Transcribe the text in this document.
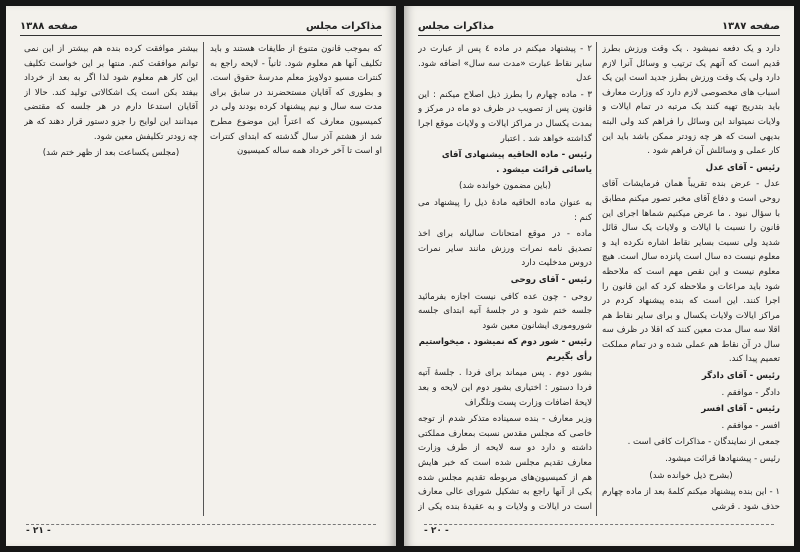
مذاکرات مجلس
صفحه ۱۳۸۸

که بموجب قانون متنوع از طایفات هستند و باید تکلیف آنها هم معلوم شود. ثانیاً - لایحه راجع به کنترات مسیو دولاویژ معلم مدرسهٔ حقوق است. و بطوری که آقایان مستحضرند در سابق برای مدت سه سال و نیم پیشنهاد کرده بودند ولی در کمیسیون معارف که اعتراً این موضوع مطرح شد از هشتم آذر سال گذشته که ابتدای کنترات او است تا آخر خرداد همه ساله کمیسیون

بیشتر موافقت کرده بنده هم بیشتر از این نمی توانم موافقت کنم. منتها بر این خواست تکلیف این کار هم معلوم شود لذا اگر به بعد از خرداد بیفتد بکن است یک اشکالاتی تولید کند. حالا از آقایان استدعا دارم در هر جلسه که مقتضی میدانند این لوایح را جزو دستور قرار دهند که هر چه زودتر تکلیفش معین شود.

(مجلس یکساعت بعد از ظهر ختم شد)

- ۲۱ -
صفحه ۱۳۸۷
مذاکرات مجلس

دارد و یک دفعه نمیشود . یک وقت ورزش بطرز قدیم است که آنهم یک ترتیب و وسائل آنرا لازم دارد ولی یک وقت ورزش بطرز جدید است این یک اسباب های مخصوصی لازم دارد که وزارت معارف باید بتدریج تهیه کنند بک مرتبه در تمام ایالات و ولایات نمیتواند این وسائل را فراهم کند ولی البته بدیهی است که هر چه زودتر ممکن باشد باید این کار عملی و وسائلش آن فراهم شود .

رئیس - آقای عدل

عدل - عرض بنده تقریباً همان فرمایشات آقای روحی است و دفاع آقای مخبر تصور میکنم مطابق با سؤال نبود . ما عرض میکنیم شماها اجرای این قانون را نسبت با ایالات و ولایات یک سال قائل شدید ولی نسبت بسایر نقاط اشاره نکرده اید و معلوم نیست ده سال است پانزده سال است. هیچ معلوم نیست و این نقص مهم است که ملاحظه شود باید مراعات و ملاحظه کرد که این قانون را اجرا کنند. این است که بنده پیشنهاد کردم در مراکز ایالات ولایات یکسال و برای سایر نقاط هم اقلا سه سال مدت معین کنند که اقلا در ظرف سه سال در آن نقاط هم عملی شده و در تمام مملکت تعمیم پیدا کند.

رئیس - آقای دادگر

دادگر - موافقم .

رئیس - آقای افسر

افسر - موافقم .

جمعی از نمایندگان - مذاکرات کافی است .

رئیس - پیشنهادها قرائت میشود.

(بشرح ذیل خوانده شد)

۱ - این بنده پیشنهاد میکنم کلمهٔ بعد از ماده چهارم حذف شود . قرشی

۲ - پیشنهاد میکنم در ماده ٤ پس از عبارت در سایر نقاط عبارت «مدت سه سال» اضافه شود. عدل

۳ - ماده چهارم را بطرز ذیل اصلاح میکنم : این قانون پس از تصویب در ظرف دو ماه در مرکز و بمدت یکسال در مراکز ایالات و ولایات موقع اجرا گذاشته خواهد شد . اعتبار

رئیس - ماده الحاقیه پیشنهادی آقای یاسائی قرائت میشود .

(باین مضمون خوانده شد)

به عنوان ماده الحاقیه مادهٔ ذیل را پیشنهاد می کنم :

ماده - در موقع امتحانات سالیانه برای اخذ تصدیق نامه نمرات ورزش مانند سایر نمرات دروس مدخلیت دارد

رئیس - آقای روحی

روحی - چون عده کافی نیست اجازه بفرمائید جلسه ختم شود و در جلسهٔ آتیه ابتدای جلسه شوروموری ایشانون معین شود

رئیس - شور دوم که نمیشود . میخواستیم رأی بگیریم

بشور دوم . پس میماند برای فردا . جلسهٔ آتیه فردا دستور : اختیاری بشور دوم این لایحه و بعد لایحهٔ اضافات وزارت پست وتلگراف

وزیر معارف - بنده سمیناده متذکر شدم از توجه خاصی که مجلس مقدس نسبت بمعارف مملکتی داشته و دارد دو سه لایحه از طرف وزارت معارف تقدیم مجلس شده است که خبر هایش هم از کمیسیون‌های مربوطه تقدیم مجلس شده یکی از آنها راجع به تشکیل شورای عالی معارف است در ایالات و ولایات و به عقیدهٔ بنده یکی از

- ۲۰ -
